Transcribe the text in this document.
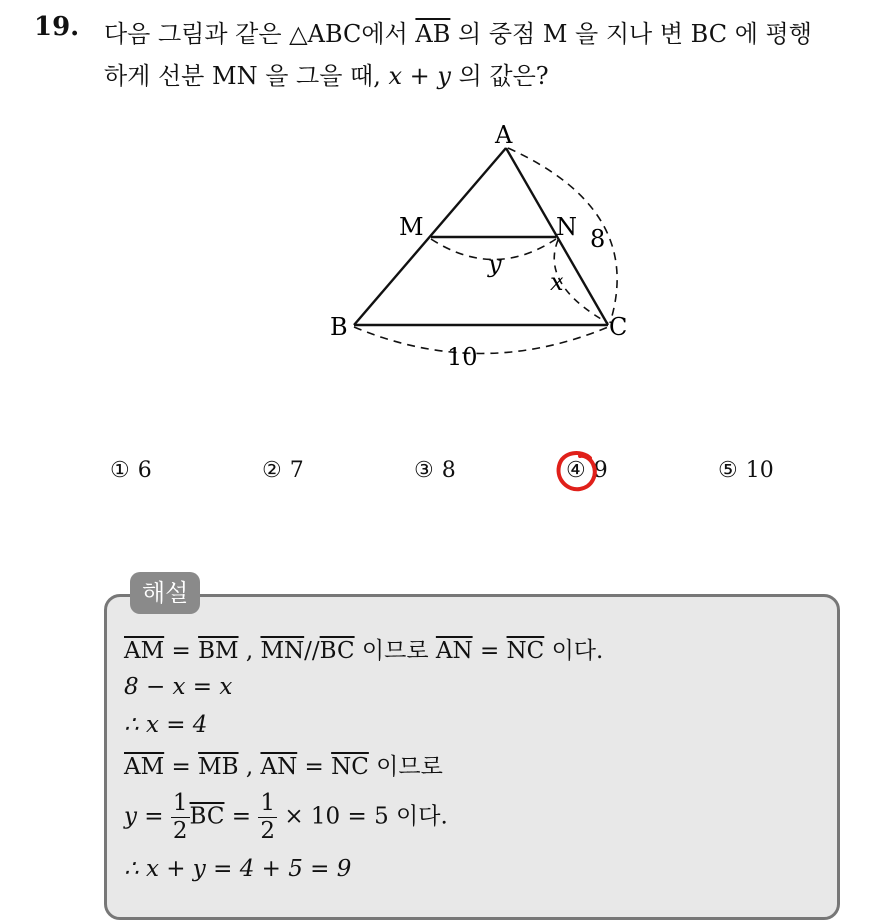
19. 다음 그림과 같은 △ABC에서 $\overline{AB}$ 의 중점 M 을 지나 변 BC 에 평행
하게 선분 MN 을 그을 때, x + y 의 값은?
A
B	C
M	N
y
x
8
10
① 6	② 7	③ 8	④ 9	⑤ 10
해설
$\overline{AM} = \overline{BM}$ , $\overline{MN}//\overline{BC}$ 이므로 $\overline{AN} = \overline{NC}$ 이다.
8 − x = x
∴ x = 4
$\overline{AM} = \overline{MB}$ , $\overline{AN} = \overline{NC}$ 이므로
$y = \frac{1}{2} \overline{BC} = \frac{1}{2} \times 10 = 5$ 이다.
∴ x + y = 4 + 5 = 9
